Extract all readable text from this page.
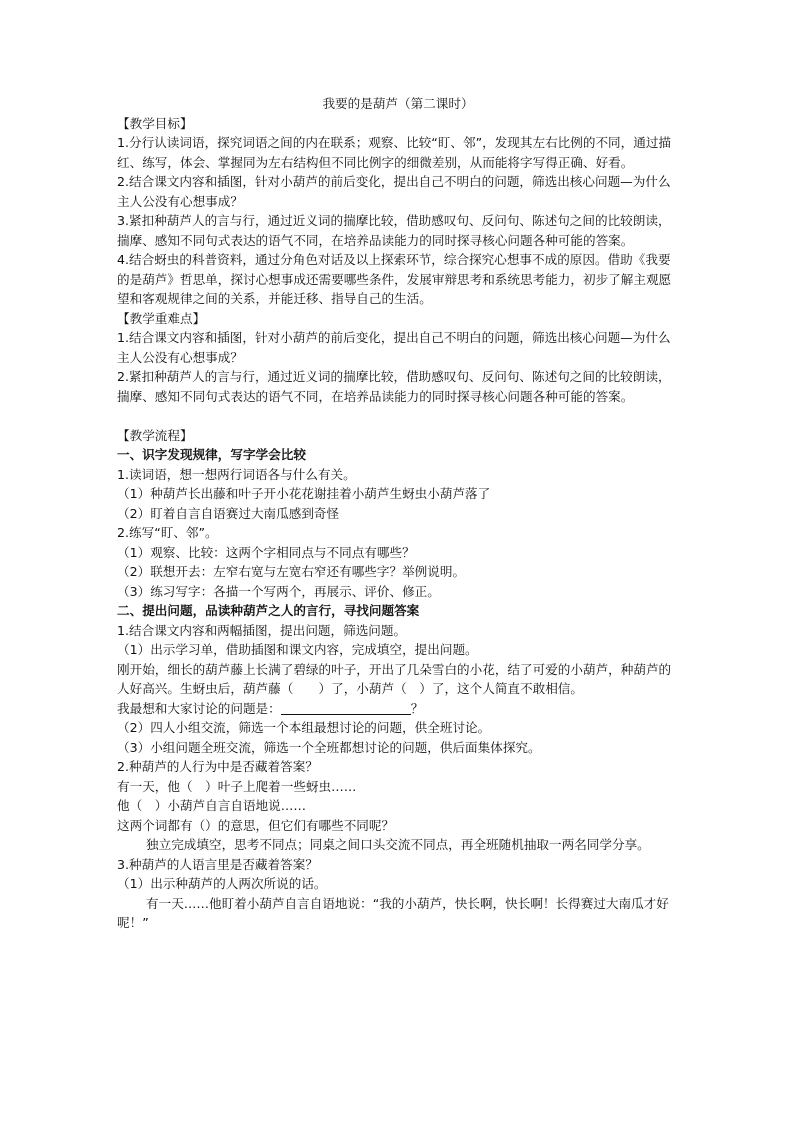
我要的是葫芦（第二课时）

【教学目标】

1.分行认读词语，探究词语之间的内在联系；观察、比较“盯、邻”，发现其左右比例的不同，通过描红、练写，体会、掌握同为左右结构但不同比例字的细微差别，从而能将字写得正确、好看。

2.结合课文内容和插图，针对小葫芦的前后变化，提出自己不明白的问题，筛选出核心问题—为什么主人公没有心想事成？

3.紧扣种葫芦人的言与行，通过近义词的揣摩比较，借助感叹句、反问句、陈述句之间的比较朗读，揣摩、感知不同句式表达的语气不同，在培养品读能力的同时探寻核心问题各种可能的答案。

4.结合蚜虫的科普资料，通过分角色对话及以上探索环节，综合探究心想事不成的原因。借助《我要的是葫芦》哲思单，探讨心想事成还需要哪些条件，发展审辩思考和系统思考能力，初步了解主观愿望和客观规律之间的关系，并能迁移、指导自己的生活。

【教学重难点】

1.结合课文内容和插图，针对小葫芦的前后变化，提出自己不明白的问题，筛选出核心问题—为什么主人公没有心想事成？

2.紧扣种葫芦人的言与行，通过近义词的揣摩比较，借助感叹句、反问句、陈述句之间的比较朗读，揣摩、感知不同句式表达的语气不同，在培养品读能力的同时探寻核心问题各种可能的答案。

【教学流程】

一、识字发现规律，写字学会比较

1.读词语，想一想两行词语各与什么有关。

（1）种葫芦长出藤和叶子开小花花谢挂着小葫芦生蚜虫小葫芦落了

（2）盯着自言自语赛过大南瓜感到奇怪

2.练写“盯、邻”。

（1）观察、比较：这两个字相同点与不同点有哪些？

（2）联想开去：左窄右宽与左宽右窄还有哪些字？举例说明。

（3）练习写字：各描一个写两个，再展示、评价、修正。

二、提出问题，品读种葫芦之人的言行，寻找问题答案

1.结合课文内容和两幅插图，提出问题，筛选问题。

（1）出示学习单，借助插图和课文内容，完成填空，提出问题。

刚开始，细长的葫芦藤上长满了碧绿的叶子，开出了几朵雪白的小花，结了可爱的小葫芦，种葫芦的人好高兴。生蚜虫后，葫芦藤（　　）了，小葫芦（　）了，这个人简直不敢相信。

我最想和大家讨论的问题是：	？

（2）四人小组交流，筛选一个本组最想讨论的问题，供全班讨论。

（3）小组问题全班交流，筛选一个全班都想讨论的问题，供后面集体探究。

2.种葫芦的人行为中是否藏着答案？

有一天，他（　）叶子上爬着一些蚜虫……

他（　）小葫芦自言自语地说……

这两个词都有（）的意思，但它们有哪些不同呢？

独立完成填空，思考不同点；同桌之间口头交流不同点，再全班随机抽取一两名同学分享。

3.种葫芦的人语言里是否藏着答案？

（1）出示种葫芦的人两次所说的话。

有一天……他盯着小葫芦自言自语地说：“我的小葫芦，快长啊，快长啊！长得赛过大南瓜才好呢！”
